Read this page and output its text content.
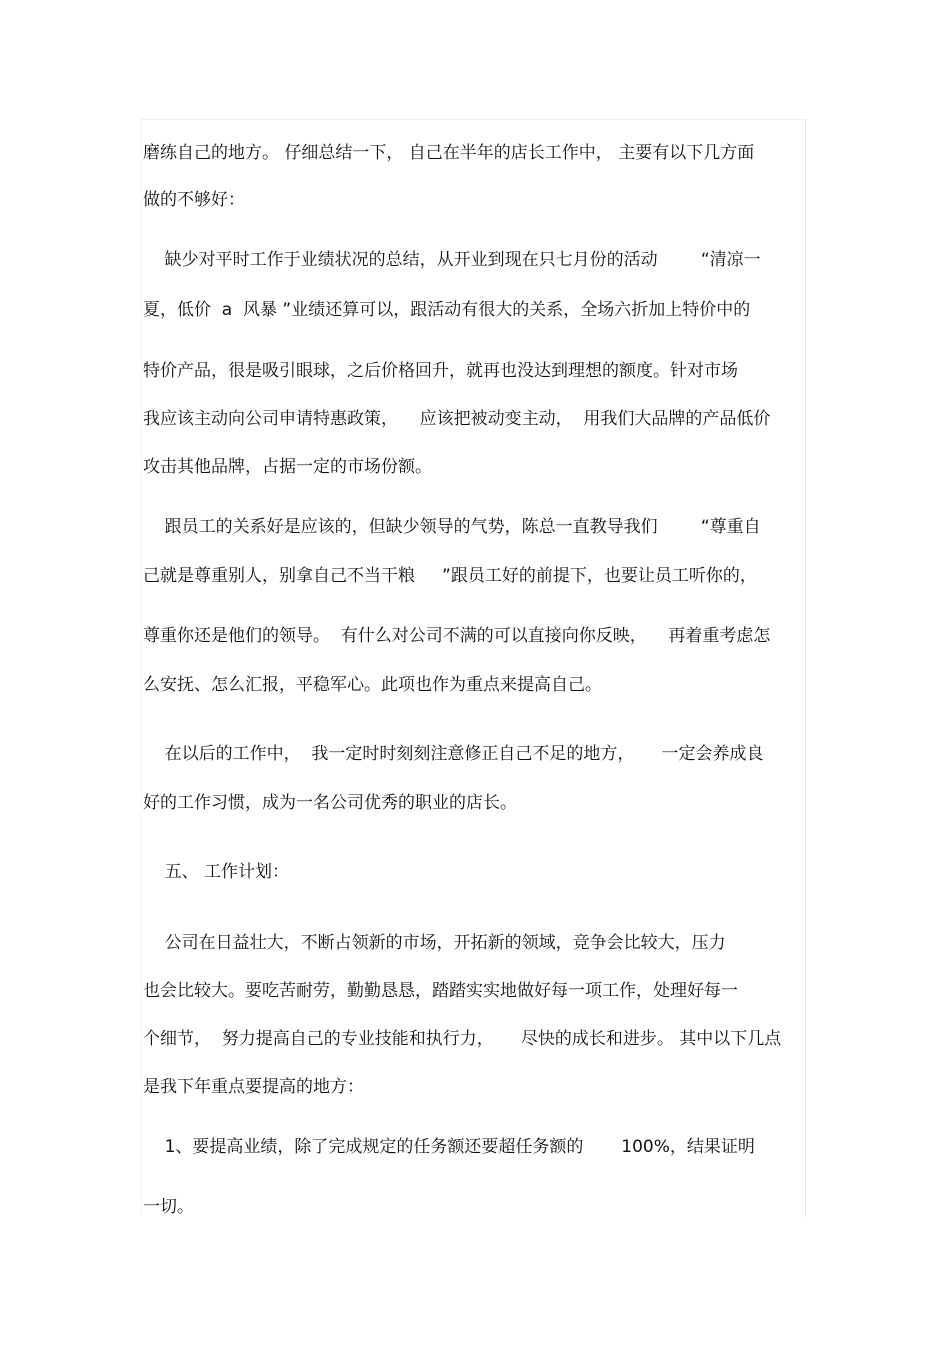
磨练自己的地方。 仔细总结一下， 自己在半年的店长工作中， 主要有以下几方面
做的不够好：
缺少对平时工作于业绩状况的总结，从开业到现在只七月份的活动        “清凉一
夏，低价  a  风暴 ”业绩还算可以，跟活动有很大的关系，全场六折加上特价中的
特价产品，很是吸引眼球，之后价格回升，就再也没达到理想的额度。针对市场
我应该主动向公司申请特惠政策，    应该把被动变主动，  用我们大品牌的产品低价
攻击其他品牌，占据一定的市场份额。
跟员工的关系好是应该的，但缺少领导的气势，陈总一直教导我们        “尊重自
己就是尊重别人，别拿自己不当干粮     ”跟员工好的前提下，也要让员工听你的，
尊重你还是他们的领导。  有什么对公司不满的可以直接向你反映，    再着重考虑怎
么安抚、怎么汇报，平稳军心。此项也作为重点来提高自己。
在以后的工作中，  我一定时时刻刻注意修正自己不足的地方，     一定会养成良
好的工作习惯，成为一名公司优秀的职业的店长。
五、 工作计划：
公司在日益壮大，不断占领新的市场，开拓新的领域，竞争会比较大，压力
也会比较大。要吃苦耐劳，勤勤恳恳，踏踏实实地做好每一项工作，处理好每一
个细节，  努力提高自己的专业技能和执行力，     尽快的成长和进步。 其中以下几点
是我下年重点要提高的地方：
1、要提高业绩，除了完成规定的任务额还要超任务额的       100%，结果证明
一切。
